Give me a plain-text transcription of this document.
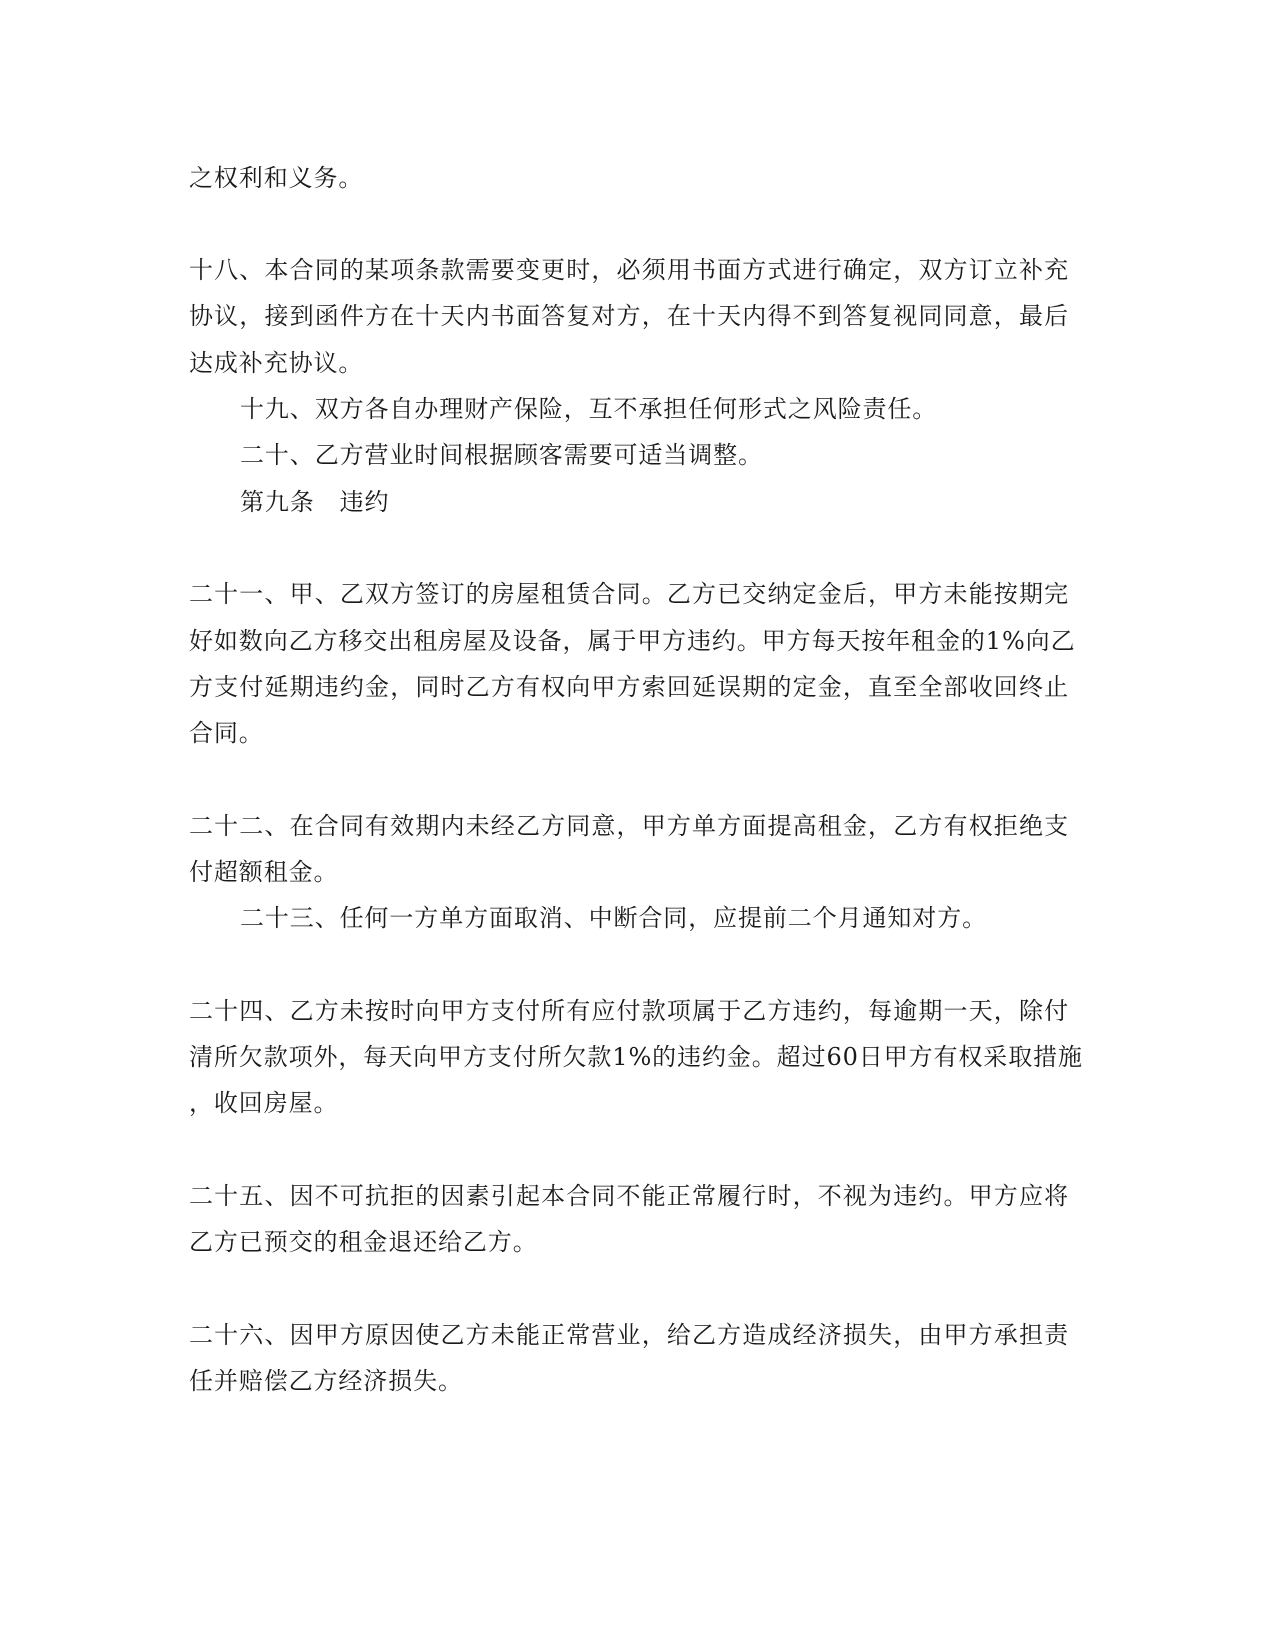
之权利和义务。
十八、本合同的某项条款需要变更时，必须用书面方式进行确定，双方订立补充
协议，接到函件方在十天内书面答复对方，在十天内得不到答复视同同意，最后
达成补充协议。
十九、双方各自办理财产保险，互不承担任何形式之风险责任。
二十、乙方营业时间根据顾客需要可适当调整。
第九条　违约
二十一、甲、乙双方签订的房屋租赁合同。乙方已交纳定金后，甲方未能按期完
好如数向乙方移交出租房屋及设备，属于甲方违约。甲方每天按年租金的1%向乙
方支付延期违约金，同时乙方有权向甲方索回延误期的定金，直至全部收回终止
合同。
二十二、在合同有效期内未经乙方同意，甲方单方面提高租金，乙方有权拒绝支
付超额租金。
二十三、任何一方单方面取消、中断合同，应提前二个月通知对方。
二十四、乙方未按时向甲方支付所有应付款项属于乙方违约，每逾期一天，除付
清所欠款项外，每天向甲方支付所欠款1%的违约金。超过60日甲方有权采取措施
，收回房屋。
二十五、因不可抗拒的因素引起本合同不能正常履行时，不视为违约。甲方应将
乙方已预交的租金退还给乙方。
二十六、因甲方原因使乙方未能正常营业，给乙方造成经济损失，由甲方承担责
任并赔偿乙方经济损失。
